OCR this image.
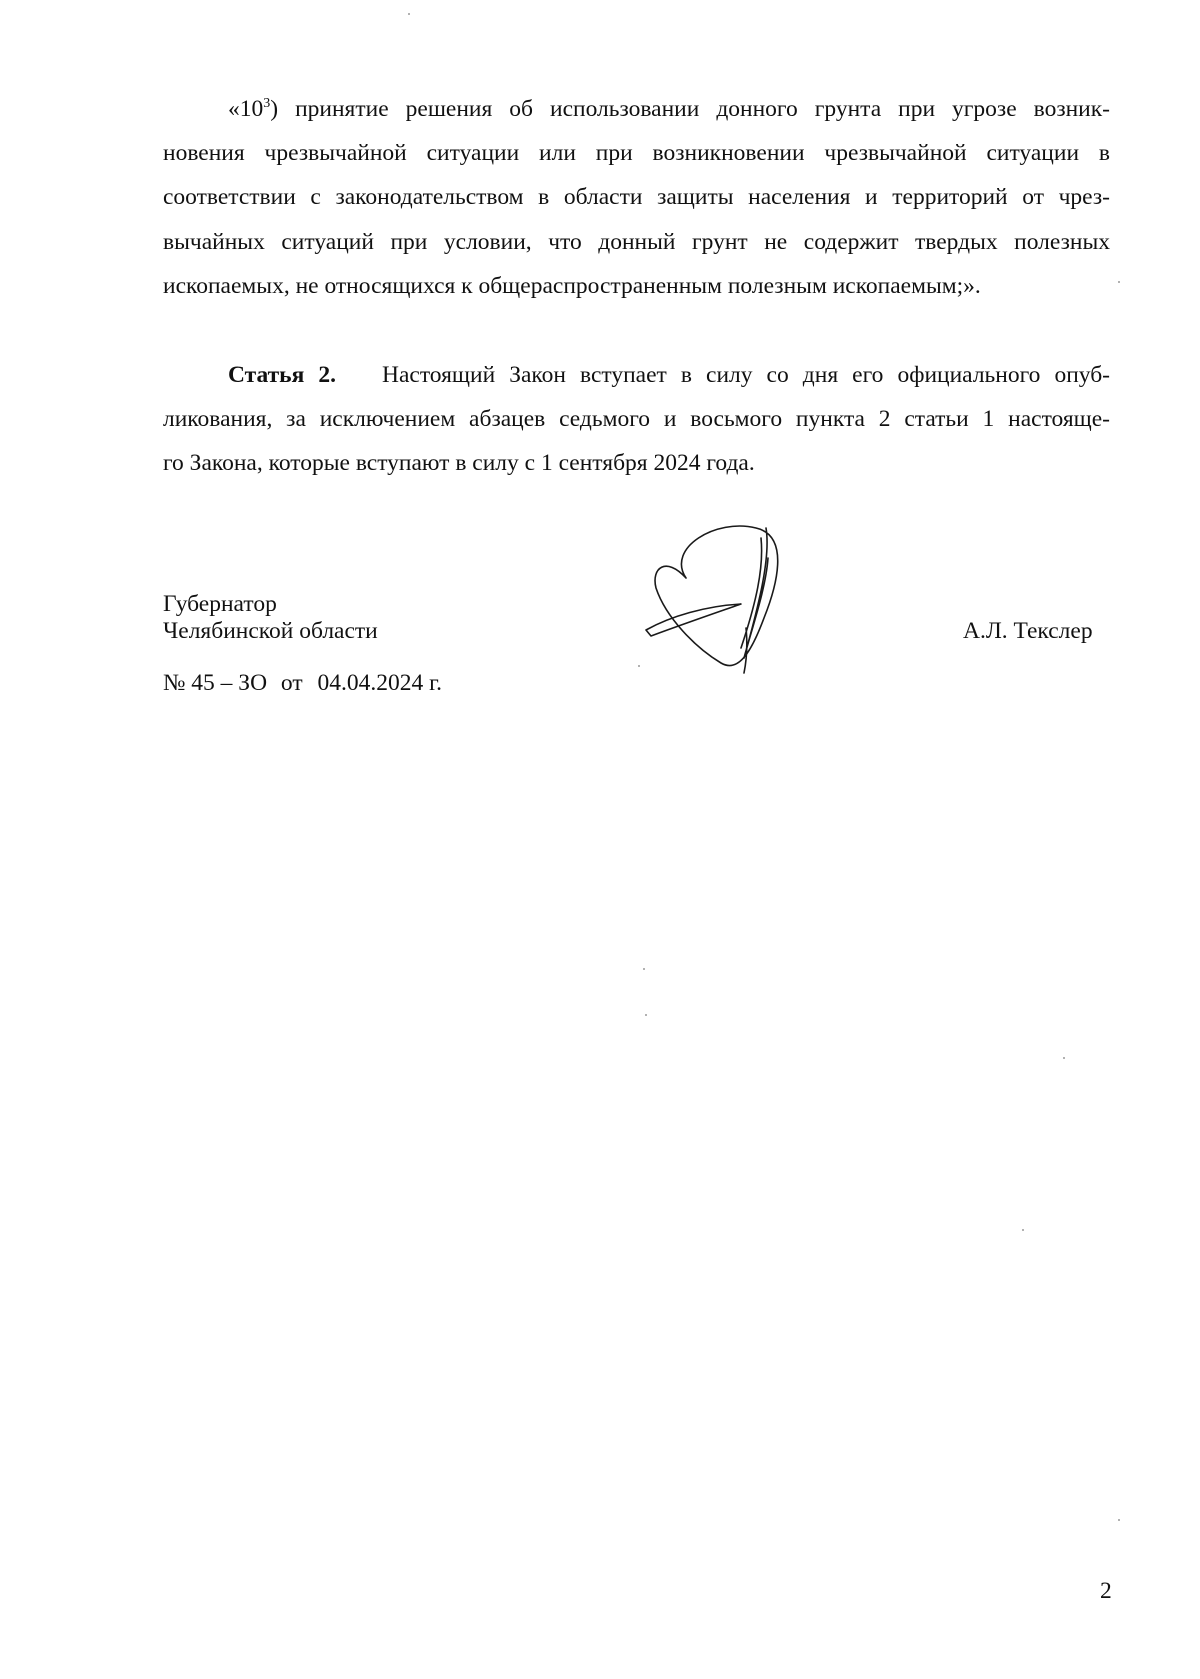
«$10^3$) принятие решения об использовании донного грунта при угрозе возник-
новения чрезвычайной ситуации или при возникновении чрезвычайной ситуации в
соответствии с законодательством в области защиты населения и территорий от чрез-
вычайных ситуаций при условии, что донный грунт не содержит твердых полезных
ископаемых, не относящихся к общераспространенным полезным ископаемым;».

Статья 2. Настоящий Закон вступает в силу со дня его официального опуб-
ликования, за исключением абзацев седьмого и восьмого пункта 2 статьи 1 настояще-
го Закона, которые вступают в силу с 1 сентября 2024 года.

Губернатор
Челябинской области	А.Л. Текслер
№ 45 – ЗО от 04.04.2024 г.
2
